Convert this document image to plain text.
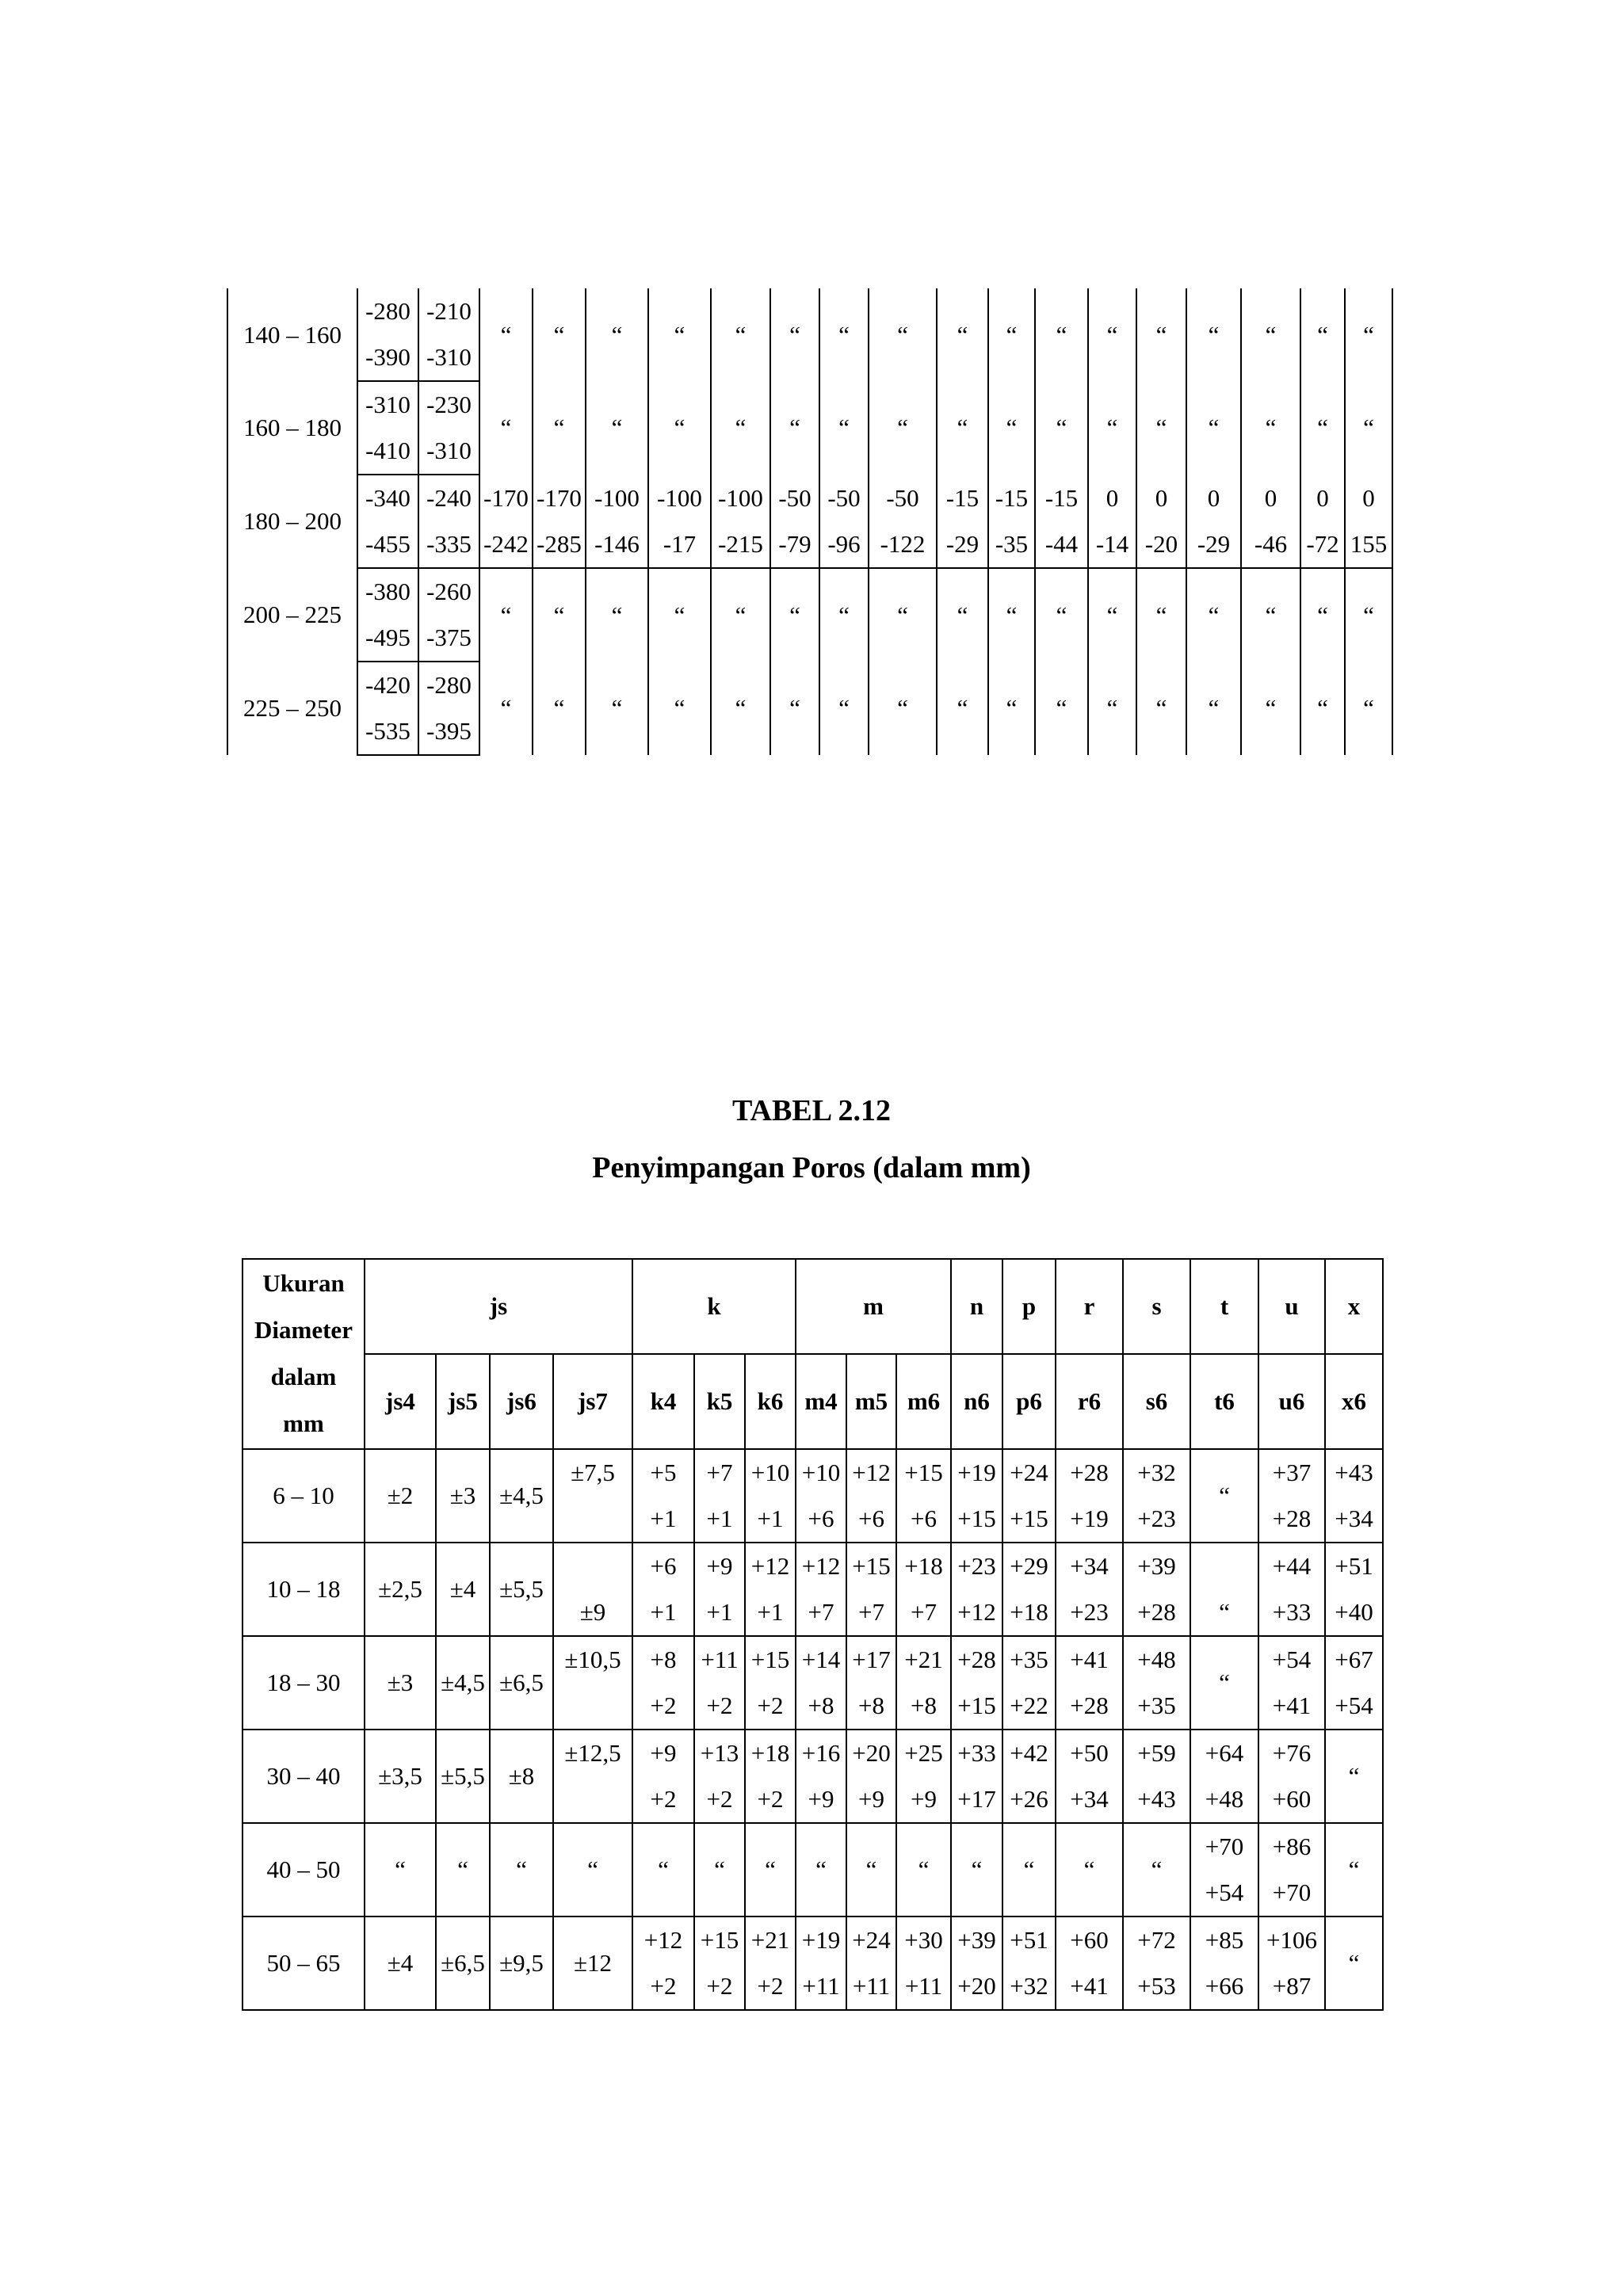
140 – 160	-280	-210	“	“	“	“	“	“	“	“	“	“	“	“	“	“	“	“	“
	-390	-310																	
160 – 180	-310	-230	“	“	“	“	“	“	“	“	“	“	“	“	“	“	“	“	“
	-410	-310																	
180 – 200	-340	-240	-170	-170	-100	-100	-100	-50	-50	-50	-15	-15	-15	0	0	0	0	0	0
	-455	-335	-242	-285	-146	-17	-215	-79	-96	-122	-29	-35	-44	-14	-20	-29	-46	-72	155
200 – 225	-380	-260	“	“	“	“	“	“	“	“	“	“	“	“	“	“	“	“	“
	-495	-375																	
225 – 250	-420	-280	“	“	“	“	“	“	“	“	“	“	“	“	“	“	“	“	“
	-535	-395																	
TABEL 2.12
Penyimpangan Poros (dalam mm)
Ukuran
Diameter
dalam
mm	js				k			m			n	p	r	s	t	u	x
	js4	js5	js6	js7	k4	k5	k6	m4	m5	m6	n6	p6	r6	s6	t6	u6	x6
6 – 10	±2	±3	±4,5	±7,5	+5	+7	+10	+10	+12	+15	+19	+24	+28	+32	“	+37	+43
					+1	+1	+1	+6	+6	+6	+15	+15	+19	+23		+28	+34
10 – 18	±2,5	±4	±5,5	±9	+6	+9	+12	+12	+15	+18	+23	+29	+34	+39	“	+44	+51
					+1	+1	+1	+7	+7	+7	+12	+18	+23	+28		+33	+40
18 – 30	±3	±4,5	±6,5	±10,5	+8	+11	+15	+14	+17	+21	+28	+35	+41	+48	“	+54	+67
					+2	+2	+2	+8	+8	+8	+15	+22	+28	+35		+41	+54
30 – 40	±3,5	±5,5	±8	±12,5	+9	+13	+18	+16	+20	+25	+33	+42	+50	+59	+64	+76	“
					+2	+2	+2	+9	+9	+9	+17	+26	+34	+43	+48	+60	
40 – 50	“	“	“	“	“	“	“	“	“	“	“	“	“	“	+70	+86	“
															+54	+70	
50 – 65	±4	±6,5	±9,5	±12	+12	+15	+21	+19	+24	+30	+39	+51	+60	+72	+85	+106	“
					+2	+2	+2	+11	+11	+11	+20	+32	+41	+53	+66	+87	
